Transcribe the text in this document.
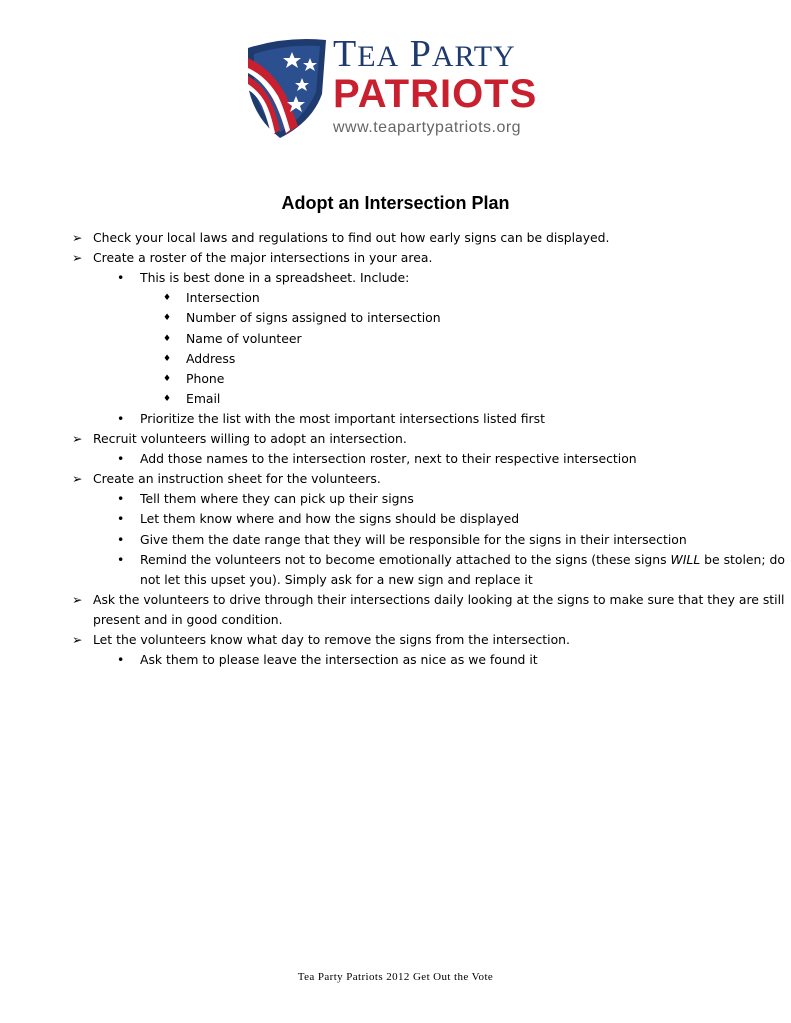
TEA PARTY
PATRIOTS
www.teapartypatriots.org
Adopt an Intersection Plan
➢ Check your local laws and regulations to find out how early signs can be displayed.
➢ Create a roster of the major intersections in your area.
• This is best done in a spreadsheet. Include:
♦ Intersection
♦ Number of signs assigned to intersection
♦ Name of volunteer
♦ Address
♦ Phone
♦ Email
• Prioritize the list with the most important intersections listed first
➢ Recruit volunteers willing to adopt an intersection.
• Add those names to the intersection roster, next to their respective intersection
➢ Create an instruction sheet for the volunteers.
• Tell them where they can pick up their signs
• Let them know where and how the signs should be displayed
• Give them the date range that they will be responsible for the signs in their intersection
• Remind the volunteers not to become emotionally attached to the signs (these signs WILL be stolen; do
not let this upset you). Simply ask for a new sign and replace it
➢ Ask the volunteers to drive through their intersections daily looking at the signs to make sure that they are still
present and in good condition.
➢ Let the volunteers know what day to remove the signs from the intersection.
• Ask them to please leave the intersection as nice as we found it
Tea Party Patriots 2012 Get Out the Vote
